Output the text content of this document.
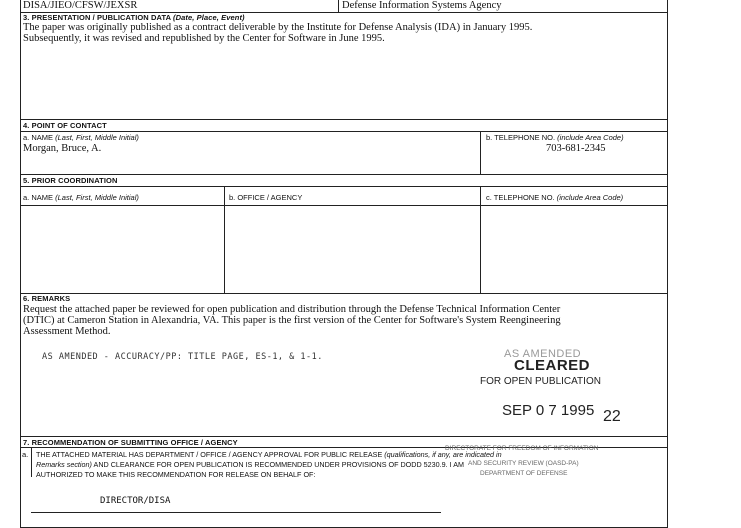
DISA/JIEO/CFSW/JEXSR	Defense Information Systems Agency
3. PRESENTATION / PUBLICATION DATA (Date, Place, Event)
The paper was originally published as a contract deliverable by the Institute for Defense Analysis (IDA) in January 1995.
Subsequently, it was revised and republished by the Center for Software in June 1995.
4. POINT OF CONTACT
a. NAME (Last, First, Middle Initial)
Morgan, Bruce, A.
b. TELEPHONE NO. (include Area Code)
703-681-2345
5. PRIOR COORDINATION
a. NAME (Last, First, Middle Initial)	b. OFFICE / AGENCY	c. TELEPHONE NO. (include Area Code)
6. REMARKS
Request the attached paper be reviewed for open publication and distribution through the Defense Technical Information Center
(DTIC) at Cameron Station in Alexandria, VA. This paper is the first version of the Center for Software's System Reengineering
Assessment Method.
AS AMENDED - ACCURACY/PP: TITLE PAGE, ES-1, & 1-1.	AS AMENDED
CLEARED
FOR OPEN PUBLICATION
SEP 0 7 1995 22
7. RECOMMENDATION OF SUBMITTING OFFICE / AGENCY
a.
DIRECTORATE FOR FREEDOM OF INFORMATION
AND SECURITY REVIEW (OASD-PA)
DEPARTMENT OF DEFENSE
THE ATTACHED MATERIAL HAS DEPARTMENT / OFFICE / AGENCY APPROVAL FOR PUBLIC RELEASE (qualifications, if any, are indicated in
Remarks section) AND CLEARANCE FOR OPEN PUBLICATION IS RECOMMENDED UNDER PROVISIONS OF DODD 5230.9. I AM
AUTHORIZED TO MAKE THIS RECOMMENDATION FOR RELEASE ON BEHALF OF:
DIRECTOR/DISA
